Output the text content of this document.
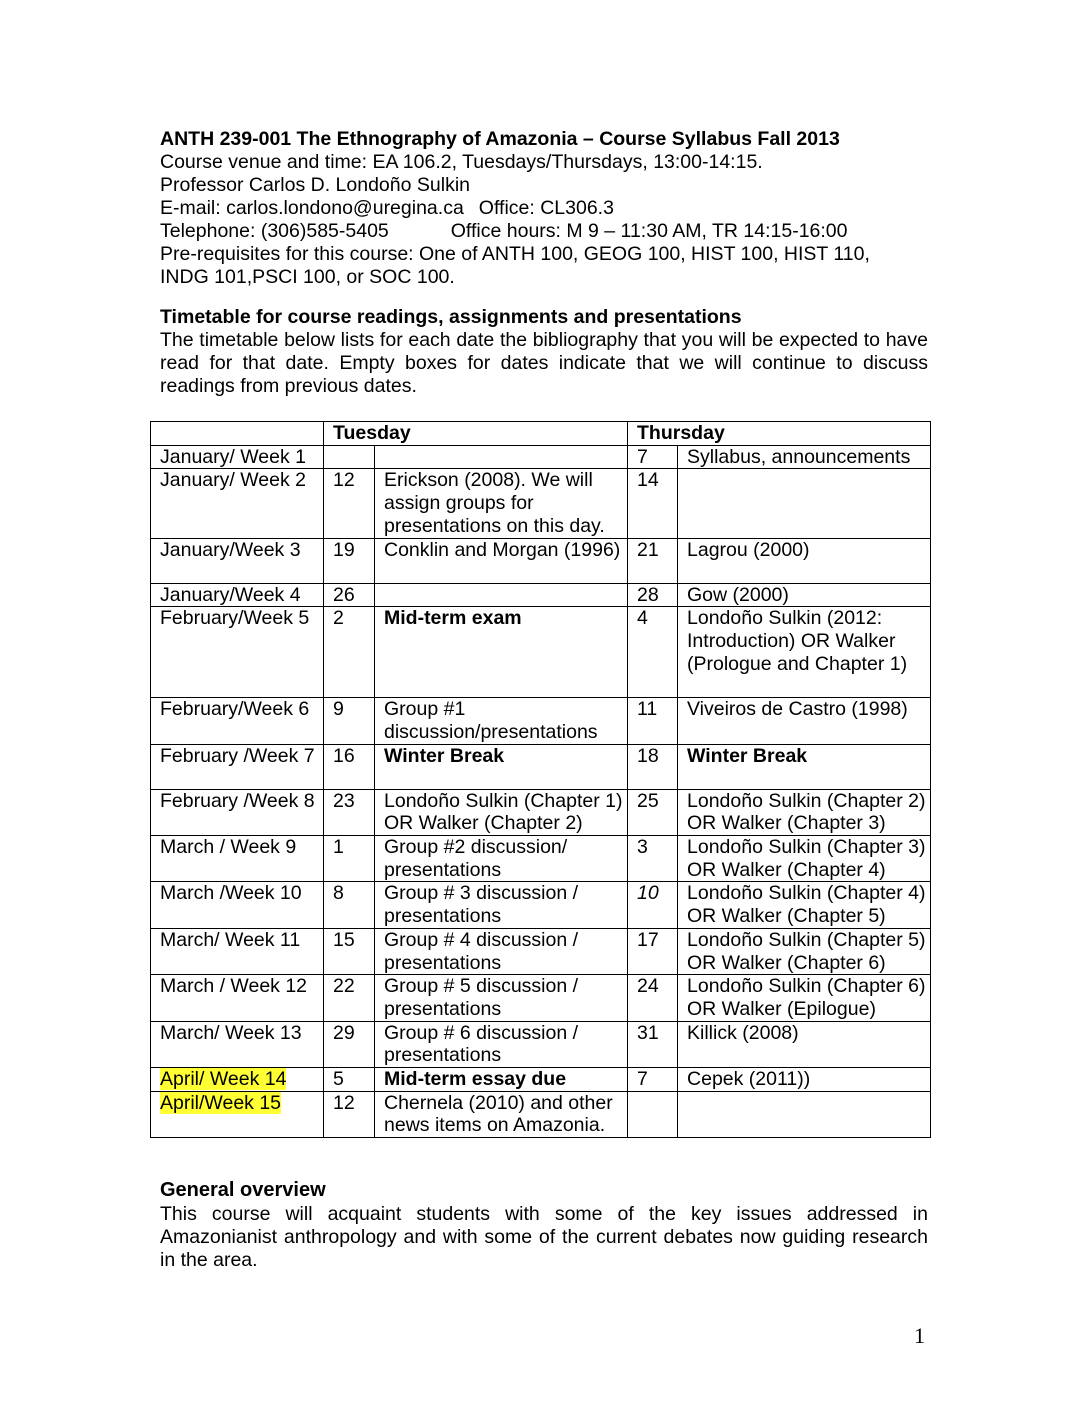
ANTH 239-001 The Ethnography of Amazonia – Course Syllabus Fall 2013

Course venue and time: EA 106.2, Tuesdays/Thursdays, 13:00-14:15.

Professor Carlos D. Londoño Sulkin

E-mail: carlos.londono@uregina.ca Office: CL306.3

Telephone: (306)585-5405	Office hours: M 9 – 11:30 AM, TR 14:15-16:00

Pre-requisites for this course: One of ANTH 100, GEOG 100, HIST 100, HIST 110,

INDG 101,PSCI 100, or SOC 100.

Timetable for course readings, assignments and presentations
The timetable below lists for each date the bibliography that you will be expected to have read for that date. Empty boxes for dates indicate that we will continue to discuss readings from previous dates.
	Tuesday		Thursday	
January/ Week 1			7	Syllabus, announcements
January/ Week 2	12	Erickson (2008). We will assign groups for presentations on this day.	14	
January/Week 3	19	Conklin and Morgan (1996)	21	Lagrou (2000)
January/Week 4	26		28	Gow (2000)
February/Week 5	2	Mid-term exam	4	Londoño Sulkin (2012: Introduction) OR Walker (Prologue and Chapter 1)
February/Week 6	9	Group #1 discussion/presentations	11	Viveiros de Castro (1998)
February /Week 7	16	Winter Break	18	Winter Break
February /Week 8	23	Londoño Sulkin (Chapter 1) OR Walker (Chapter 2)	25	Londoño Sulkin (Chapter 2) OR Walker (Chapter 3)
March / Week 9	1	Group #2 discussion/ presentations	3	Londoño Sulkin (Chapter 3) OR Walker (Chapter 4)
March /Week 10	8	Group # 3 discussion / presentations	10	Londoño Sulkin (Chapter 4) OR Walker (Chapter 5)
March/ Week 11	15	Group # 4 discussion / presentations	17	Londoño Sulkin (Chapter 5) OR Walker (Chapter 6)
March / Week 12	22	Group # 5 discussion / presentations	24	Londoño Sulkin (Chapter 6) OR Walker (Epilogue)
March/ Week 13	29	Group # 6 discussion / presentations	31	Killick (2008)
April/ Week 14	5	Mid-term essay due	7	Cepek (2011))
April/Week 15	12	Chernela (2010) and other news items on Amazonia.		
General overview
This course will acquaint students with some of the key issues addressed in Amazonianist anthropology and with some of the current debates now guiding research in the area.
1
